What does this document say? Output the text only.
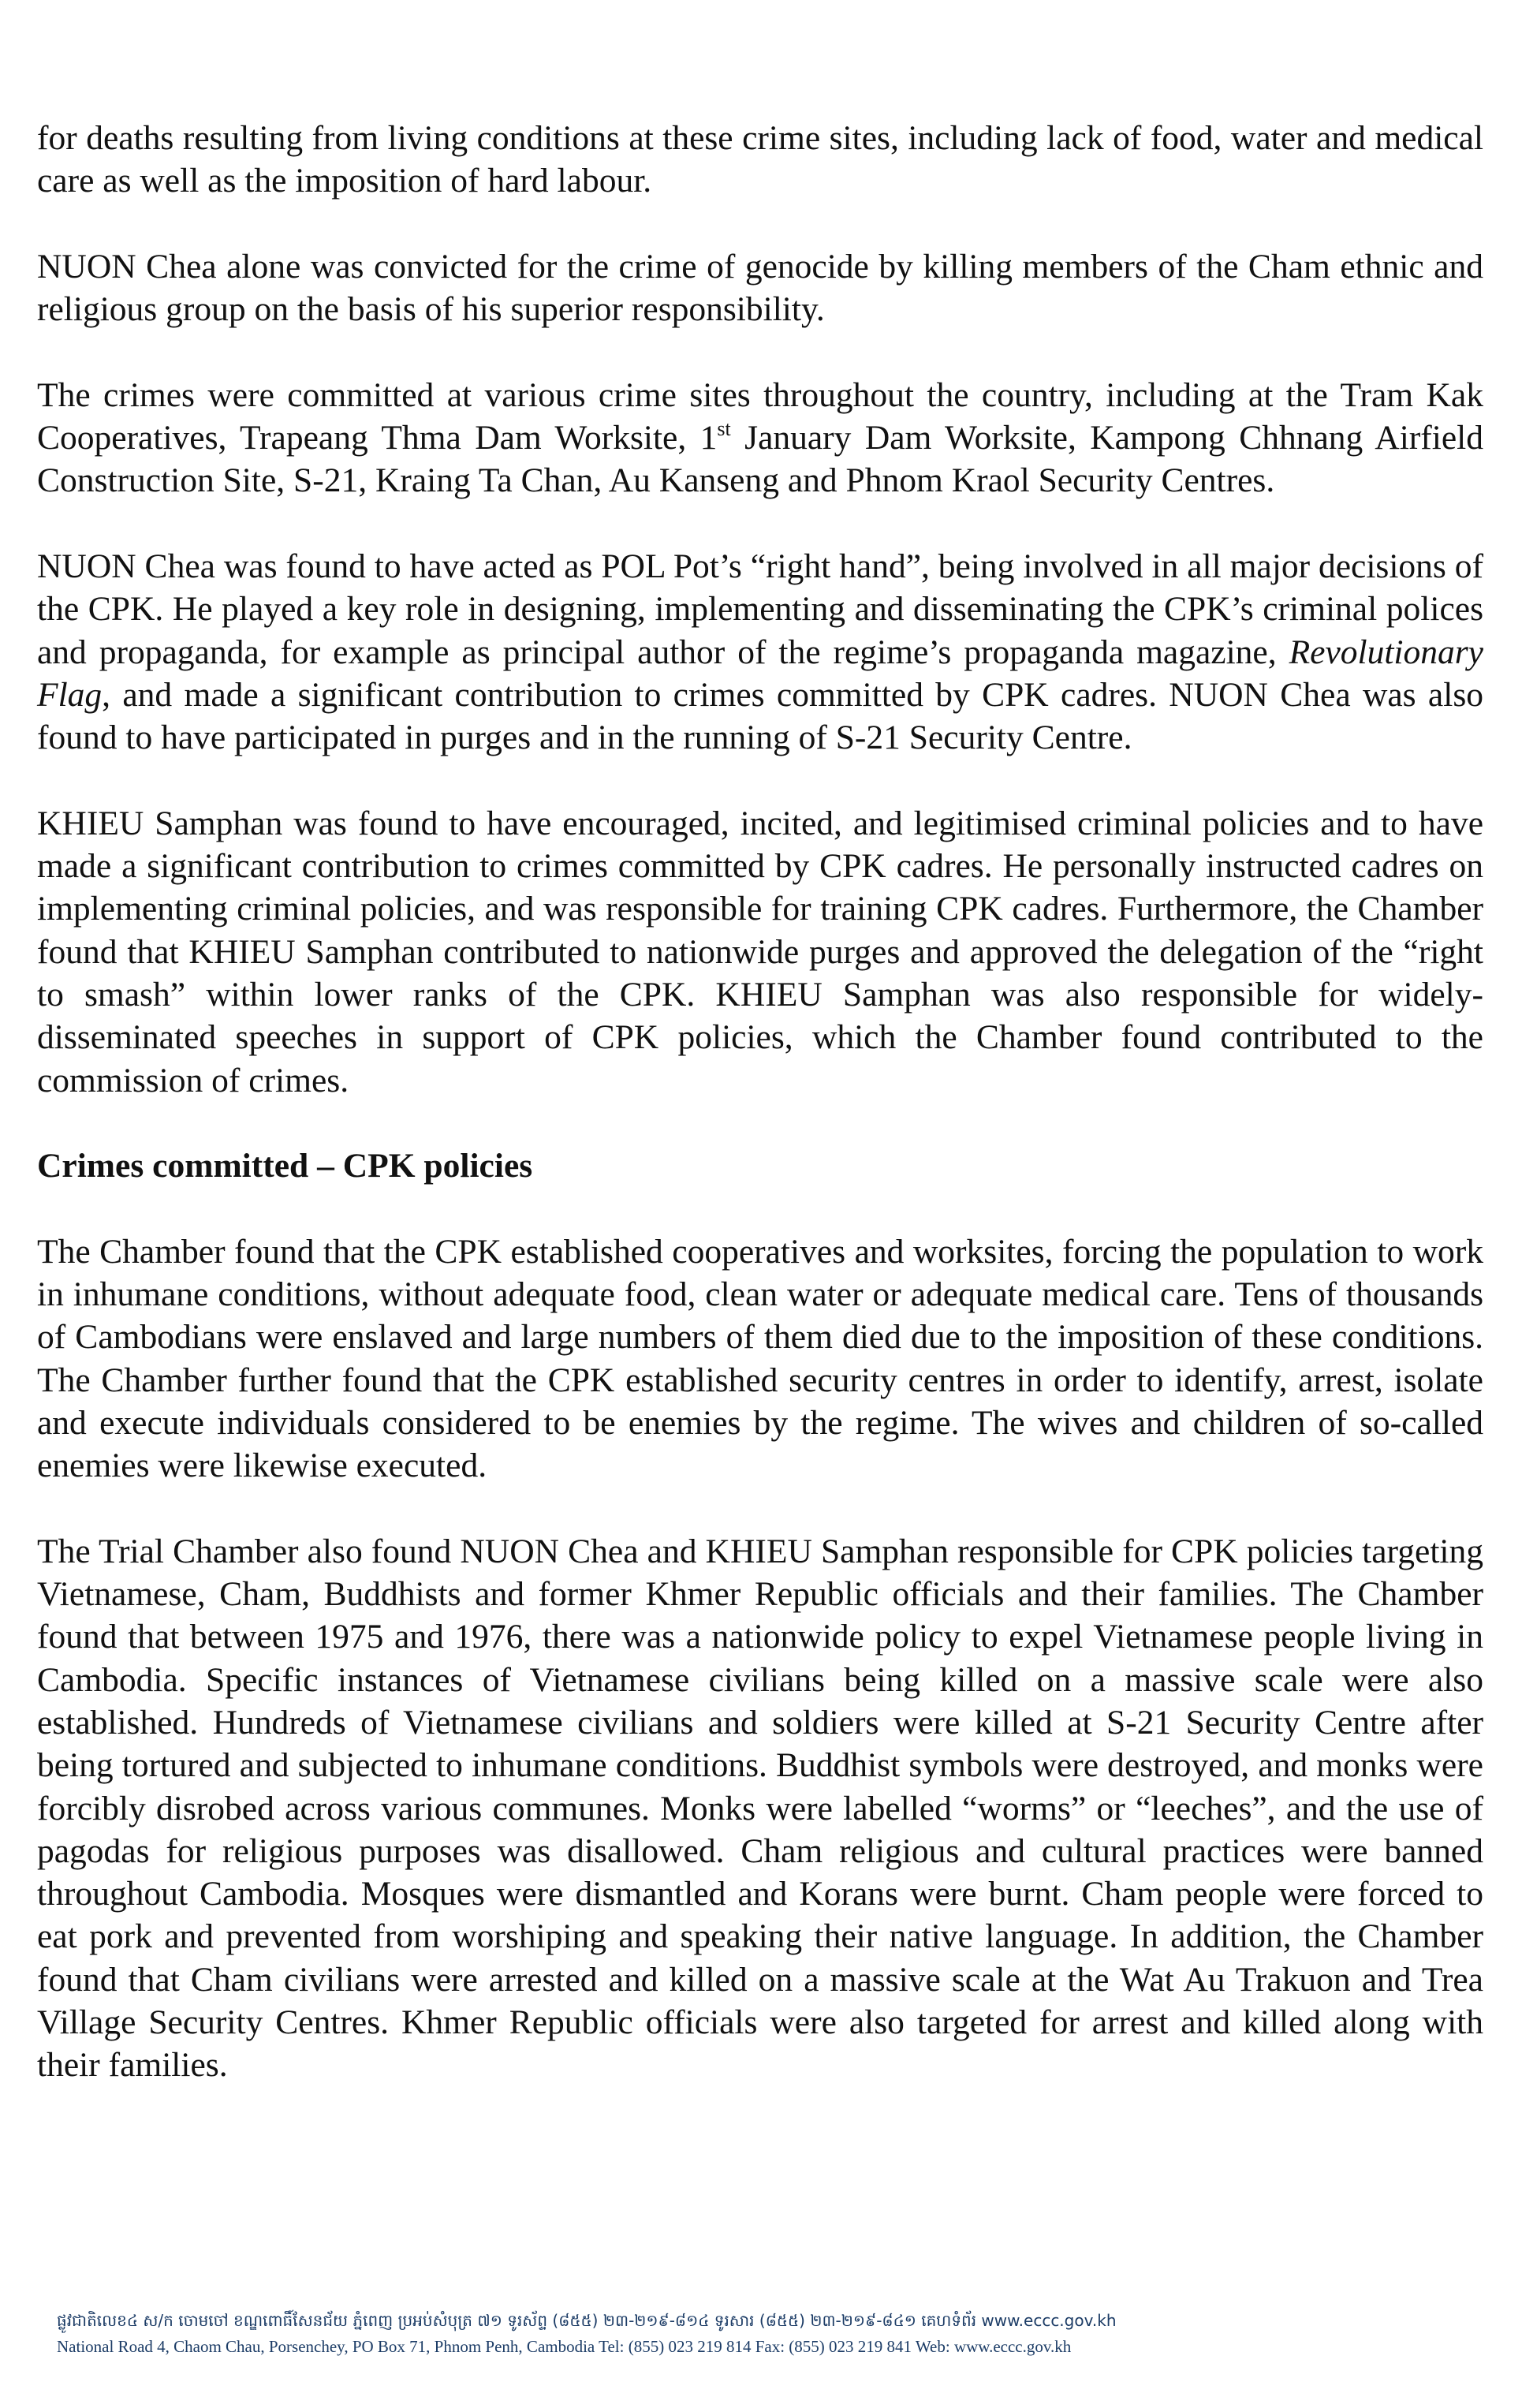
for deaths resulting from living conditions at these crime sites, including lack of food, water and medical care as well as the imposition of hard labour.

NUON Chea alone was convicted for the crime of genocide by killing members of the Cham ethnic and religious group on the basis of his superior responsibility.

The crimes were committed at various crime sites throughout the country, including at the Tram Kak Cooperatives, Trapeang Thma Dam Worksite, 1st January Dam Worksite, Kampong Chhnang Airfield Construction Site, S-21, Kraing Ta Chan, Au Kanseng and Phnom Kraol Security Centres.

NUON Chea was found to have acted as POL Pot’s “right hand”, being involved in all major decisions of the CPK. He played a key role in designing, implementing and disseminating the CPK’s criminal polices and propaganda, for example as principal author of the regime’s propaganda magazine, Revolutionary Flag, and made a significant contribution to crimes committed by CPK cadres. NUON Chea was also found to have participated in purges and in the running of S-21 Security Centre.

KHIEU Samphan was found to have encouraged, incited, and legitimised criminal policies and to have made a significant contribution to crimes committed by CPK cadres. He personally instructed cadres on implementing criminal policies, and was responsible for training CPK cadres. Furthermore, the Chamber found that KHIEU Samphan contributed to nationwide purges and approved the delegation of the “right to smash” within lower ranks of the CPK. KHIEU Samphan was also responsible for widely-disseminated speeches in support of CPK policies, which the Chamber found contributed to the commission of crimes.

Crimes committed – CPK policies

The Chamber found that the CPK established cooperatives and worksites, forcing the population to work in inhumane conditions, without adequate food, clean water or adequate medical care. Tens of thousands of Cambodians were enslaved and large numbers of them died due to the imposition of these conditions. The Chamber further found that the CPK established security centres in order to identify, arrest, isolate and execute individuals considered to be enemies by the regime. The wives and children of so-called enemies were likewise executed.

The Trial Chamber also found NUON Chea and KHIEU Samphan responsible for CPK policies targeting Vietnamese, Cham, Buddhists and former Khmer Republic officials and their families. The Chamber found that between 1975 and 1976, there was a nationwide policy to expel Vietnamese people living in Cambodia. Specific instances of Vietnamese civilians being killed on a massive scale were also established. Hundreds of Vietnamese civilians and soldiers were killed at S-21 Security Centre after being tortured and subjected to inhumane conditions. Buddhist symbols were destroyed, and monks were forcibly disrobed across various communes. Monks were labelled “worms” or “leeches”, and the use of pagodas for religious purposes was disallowed. Cham religious and cultural practices were banned throughout Cambodia. Mosques were dismantled and Korans were burnt. Cham people were forced to eat pork and prevented from worshiping and speaking their native language. In addition, the Chamber found that Cham civilians were arrested and killed on a massive scale at the Wat Au Trakuon and Trea Village Security Centres. Khmer Republic officials were also targeted for arrest and killed along with their families.

ផ្លូវជាតិលេខ៤ ស/ក ចោមចៅ ខណ្ឌពោធិ៍សែនជ័យ ភ្នំពេញ ប្រអប់សំបុត្រ ៧១ ទូរស័ព្ទ (៨៥៥) ២៣-២១៩-៨១៤ ទូរសារ (៨៥៥) ២៣-២១៩-៨៤១ គេហទំព័រ www.eccc.gov.kh
National Road 4, Chaom Chau, Porsenchey, PO Box 71, Phnom Penh, Cambodia Tel: (855) 023 219 814 Fax: (855) 023 219 841 Web: www.eccc.gov.kh
